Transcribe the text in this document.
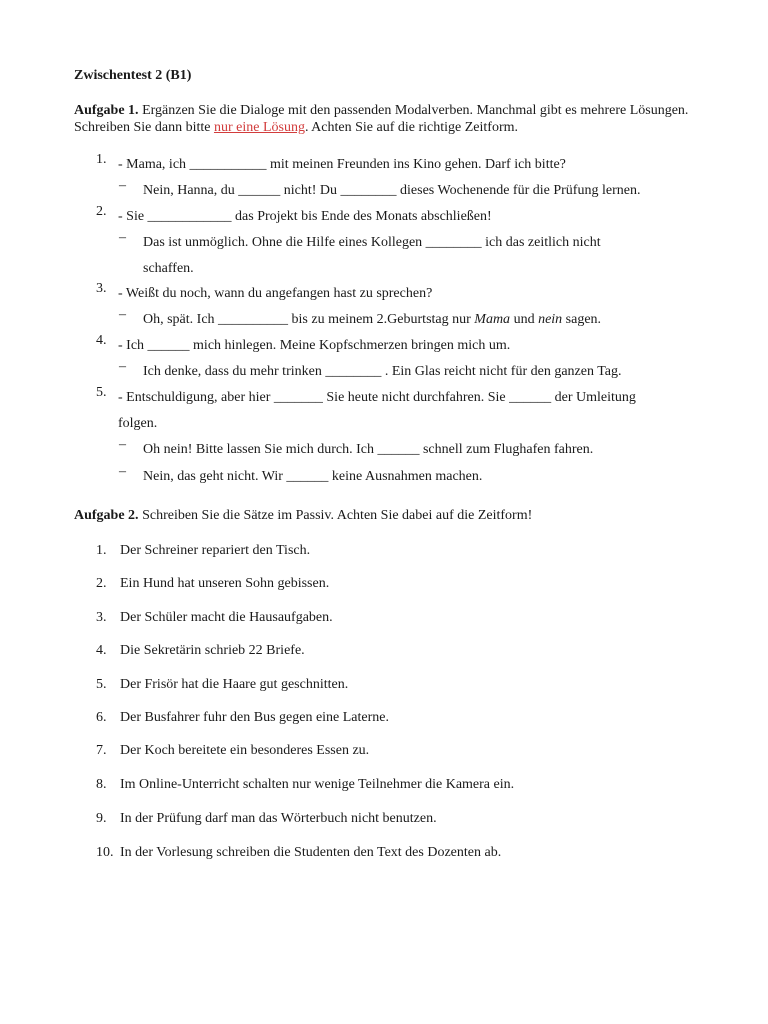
Zwischentest 2 (B1)
Aufgabe 1. Ergänzen Sie die Dialoge mit den passenden Modalverben. Manchmal gibt es mehrere Lösungen. Schreiben Sie dann bitte nur eine Lösung. Achten Sie auf die richtige Zeitform.
1. - Mama, ich ___________ mit meinen Freunden ins Kino gehen. Darf ich bitte?
– Nein, Hanna, du ______ nicht! Du ________ dieses Wochenende für die Prüfung lernen.
2. - Sie ____________ das Projekt bis Ende des Monats abschließen!
– Das ist unmöglich. Ohne die Hilfe eines Kollegen ________ ich das zeitlich nicht
schaffen.
3. - Weißt du noch, wann du angefangen hast zu sprechen?
– Oh, spät. Ich __________ bis zu meinem 2.Geburtstag nur Mama und nein sagen.
4. - Ich ______ mich hinlegen. Meine Kopfschmerzen bringen mich um.
– Ich denke, dass du mehr trinken ________ . Ein Glas reicht nicht für den ganzen Tag.
5. - Entschuldigung, aber hier _______ Sie heute nicht durchfahren. Sie ______ der Umleitung
folgen.
– Oh nein! Bitte lassen Sie mich durch. Ich ______ schnell zum Flughafen fahren.
– Nein, das geht nicht. Wir ______ keine Ausnahmen machen.
Aufgabe 2. Schreiben Sie die Sätze im Passiv. Achten Sie dabei auf die Zeitform!
1. Der Schreiner repariert den Tisch.
2. Ein Hund hat unseren Sohn gebissen.
3. Der Schüler macht die Hausaufgaben.
4. Die Sekretärin schrieb 22 Briefe.
5. Der Frisör hat die Haare gut geschnitten.
6. Der Busfahrer fuhr den Bus gegen eine Laterne.
7. Der Koch bereitete ein besonderes Essen zu.
8. Im Online-Unterricht schalten nur wenige Teilnehmer die Kamera ein.
9. In der Prüfung darf man das Wörterbuch nicht benutzen.
10. In der Vorlesung schreiben die Studenten den Text des Dozenten ab.
